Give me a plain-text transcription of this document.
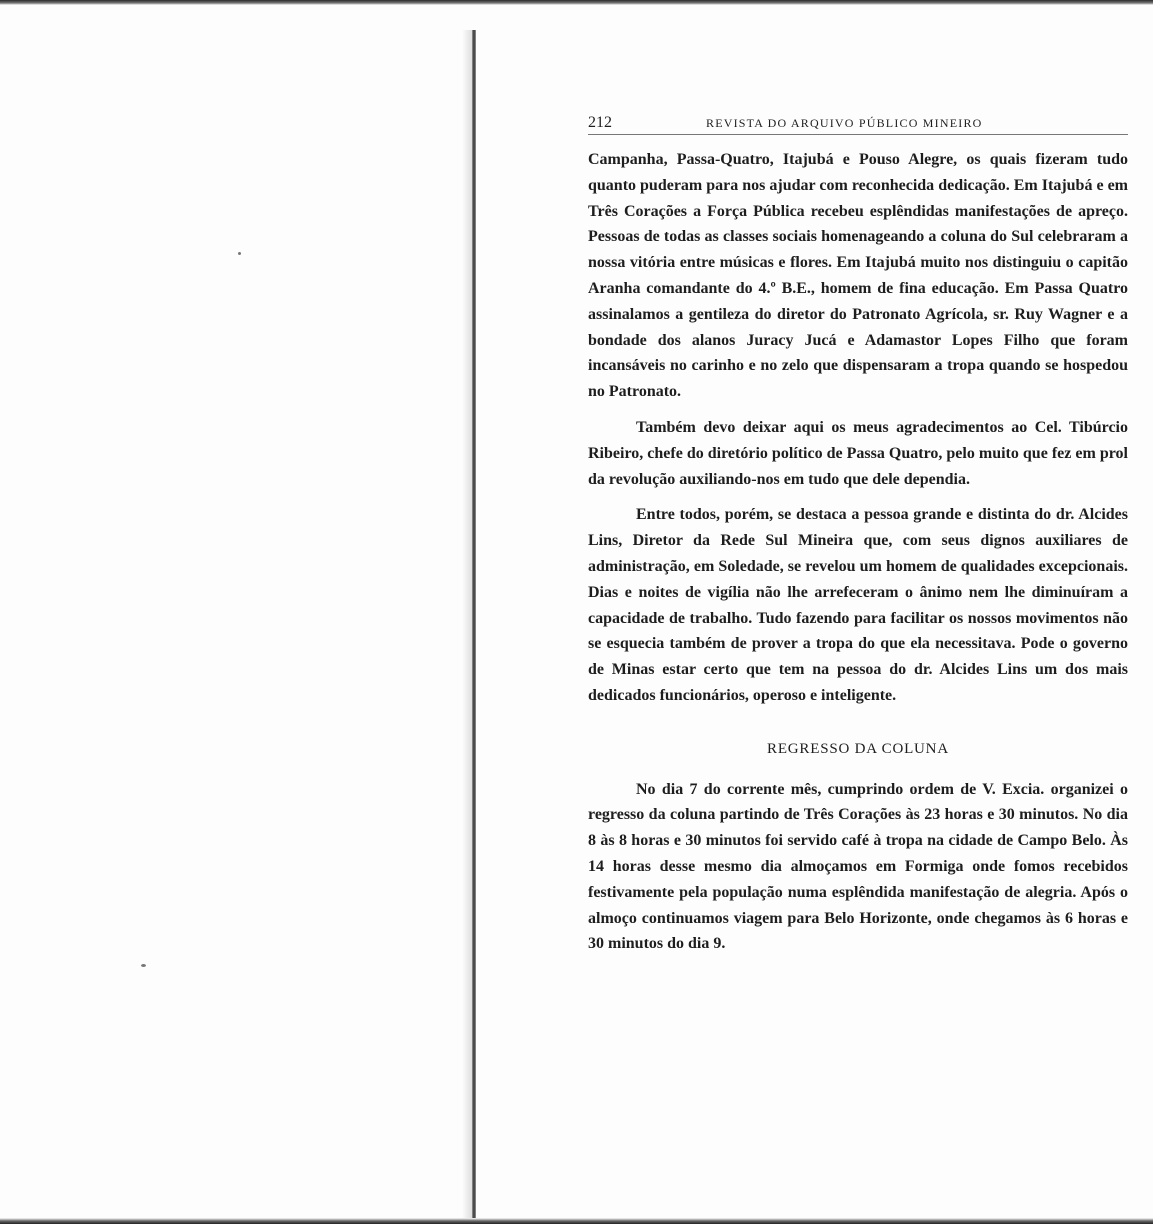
212	REVISTA DO ARQUIVO PÚBLICO MINEIRO

Campanha, Passa-Quatro, Itajubá e Pouso Alegre, os quais fizeram tudo quanto puderam para nos ajudar com reconhecida dedicação. Em Itajubá e em Três Corações a Força Pública recebeu esplêndidas manifestações de apreço. Pessoas de todas as classes sociais homenageando a coluna do Sul celebraram a nossa vitória entre músicas e flores. Em Itajubá muito nos distinguiu o capitão Aranha comandante do 4.º B.E., homem de fina educação. Em Passa Quatro assinalamos a gentileza do diretor do Patronato Agrícola, sr. Ruy Wagner e a bondade dos alanos Juracy Jucá e Adamastor Lopes Filho que foram incansáveis no carinho e no zelo que dispensaram a tropa quando se hospedou no Patronato.

Também devo deixar aqui os meus agradecimentos ao Cel. Tibúrcio Ribeiro, chefe do diretório político de Passa Quatro, pelo muito que fez em prol da revolução auxiliando-nos em tudo que dele dependia.

Entre todos, porém, se destaca a pessoa grande e distinta do dr. Alcides Lins, Diretor da Rede Sul Mineira que, com seus dignos auxiliares de administração, em Soledade, se revelou um homem de qualidades excepcionais. Dias e noites de vigília não lhe arrefeceram o ânimo nem lhe diminuíram a capacidade de trabalho. Tudo fazendo para facilitar os nossos movimentos não se esquecia também de prover a tropa do que ela necessitava. Pode o governo de Minas estar certo que tem na pessoa do dr. Alcides Lins um dos mais dedicados funcionários, operoso e inteligente.

REGRESSO DA COLUNA

No dia 7 do corrente mês, cumprindo ordem de V. Excia. organizei o regresso da coluna partindo de Três Corações às 23 horas e 30 minutos. No dia 8 às 8 horas e 30 minutos foi servido café à tropa na cidade de Campo Belo. Às 14 horas desse mesmo dia almoçamos em Formiga onde fomos recebidos festivamente pela população numa esplêndida manifestação de alegria. Após o almoço continuamos viagem para Belo Horizonte, onde chegamos às 6 horas e 30 minutos do dia 9.
